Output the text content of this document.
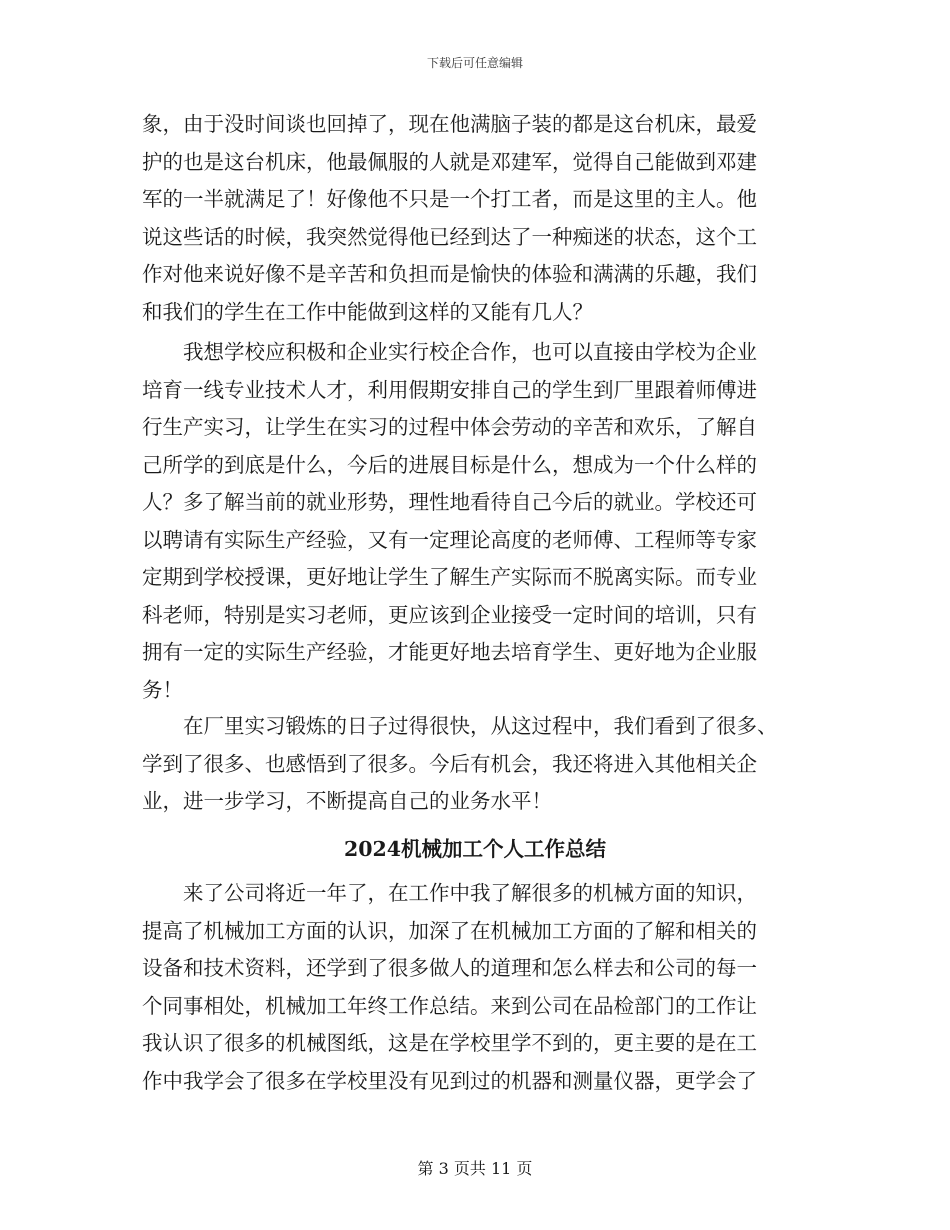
下载后可任意编辑
象，由于没时间谈也回掉了，现在他满脑子装的都是这台机床，最爱
护的也是这台机床，他最佩服的人就是邓建军，觉得自己能做到邓建
军的一半就满足了！好像他不只是一个打工者，而是这里的主人。他
说这些话的时候，我突然觉得他已经到达了一种痴迷的状态，这个工
作对他来说好像不是辛苦和负担而是愉快的体验和满满的乐趣，我们
和我们的学生在工作中能做到这样的又能有几人？
我想学校应积极和企业实行校企合作，也可以直接由学校为企业
培育一线专业技术人才，利用假期安排自己的学生到厂里跟着师傅进
行生产实习，让学生在实习的过程中体会劳动的辛苦和欢乐，了解自
己所学的到底是什么，今后的进展目标是什么，想成为一个什么样的
人？多了解当前的就业形势，理性地看待自己今后的就业。学校还可
以聘请有实际生产经验，又有一定理论高度的老师傅、工程师等专家
定期到学校授课，更好地让学生了解生产实际而不脱离实际。而专业
科老师，特别是实习老师，更应该到企业接受一定时间的培训，只有
拥有一定的实际生产经验，才能更好地去培育学生、更好地为企业服
务！
在厂里实习锻炼的日子过得很快，从这过程中，我们看到了很多、
学到了很多、也感悟到了很多。今后有机会，我还将进入其他相关企
业，进一步学习，不断提高自己的业务水平！
来了公司将近一年了，在工作中我了解很多的机械方面的知识，
提高了机械加工方面的认识，加深了在机械加工方面的了解和相关的
设备和技术资料，还学到了很多做人的道理和怎么样去和公司的每一
个同事相处，机械加工年终工作总结。来到公司在品检部门的工作让
我认识了很多的机械图纸，这是在学校里学不到的，更主要的是在工
作中我学会了很多在学校里没有见到过的机器和测量仪器，更学会了
2024机械加工个人工作总结
第 3 页共 11 页
